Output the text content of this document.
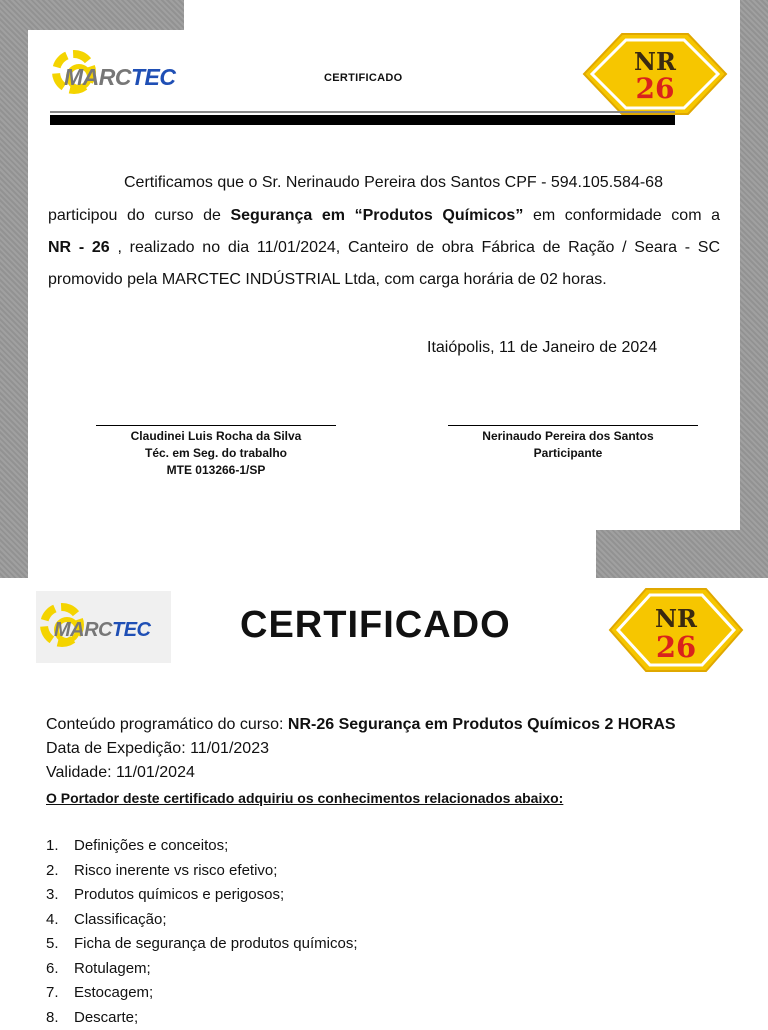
MARCTEC	CERTIFICADO
NR
26
Certificamos que o Sr. Nerinaudo Pereira dos Santos CPF - 594.105.584-68
participou do curso de Segurança em “Produtos Químicos” em conformidade com a
NR - 26 , realizado no dia 11/01/2024, Canteiro de obra Fábrica de Ração / Seara - SC
promovido pela MARCTEC INDÚSTRIAL Ltda, com carga horária de 02 horas.
Itaiópolis, 11 de Janeiro de 2024
Claudinei Luis Rocha da Silva
Téc. em Seg. do trabalho
MTE 013266-1/SP
Nerinaudo Pereira dos Santos
Participante
MARCTEC CERTIFICADO	NR
26
Conteúdo programático do curso: NR-26 Segurança em Produtos Químicos 2 HORAS
Data de Expedição: 11/01/2023
Validade: 11/01/2024
O Portador deste certificado adquiriu os conhecimentos relacionados abaixo:
1. Definições e conceitos;
2. Risco inerente vs risco efetivo;
3. Produtos químicos e perigosos;
4. Classificação;
5. Ficha de segurança de produtos químicos;
6. Rotulagem;
7. Estocagem;
8. Descarte;
